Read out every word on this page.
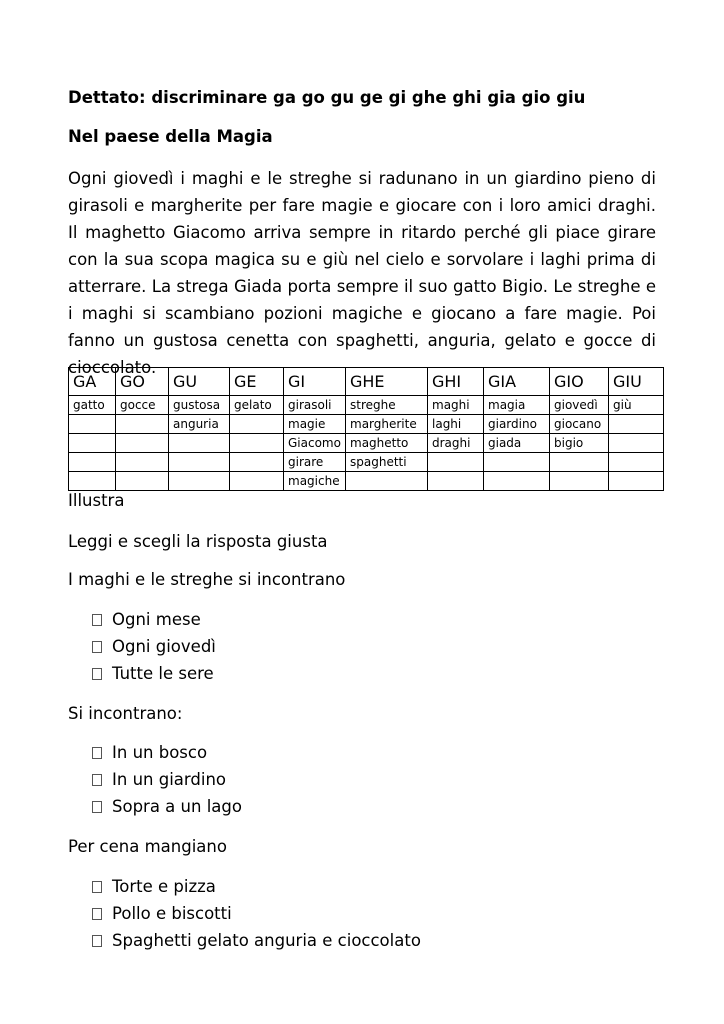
Dettato: discriminare ga go gu ge gi ghe ghi gia gio giu
Nel paese della Magia

Ogni giovedì i maghi e le streghe si radunano in un giardino pieno di girasoli e margherite per fare magie e giocare con i loro amici draghi. Il maghetto Giacomo arriva sempre in ritardo perché gli piace girare con la sua scopa magica su e giù nel cielo e sorvolare i laghi prima di atterrare. La strega Giada porta sempre il suo gatto Bigio. Le streghe e i maghi si scambiano pozioni magiche e giocano a fare magie. Poi fanno un gustosa cenetta con spaghetti, anguria, gelato e gocce di cioccolato.

GA	GO	GU	GE	GI	GHE	GHI	GIA	GIO	GIU
gatto	gocce	gustosa	gelato	girasoli	streghe	maghi	magia	giovedì	giù
		anguria		magie	margherite	laghi	giardino	giocano	
				Giacomo	maghetto	draghi	giada	bigio	
				girare	spaghetti				
				magiche					

Illustra

Leggi e scegli la risposta giusta

I maghi e le streghe si incontrano

Ogni mese
Ogni giovedì
Tutte le sere

Si incontrano:

In un bosco
In un giardino
Sopra a un lago

Per cena mangiano

Torte e pizza
Pollo e biscotti
Spaghetti gelato anguria e cioccolato
